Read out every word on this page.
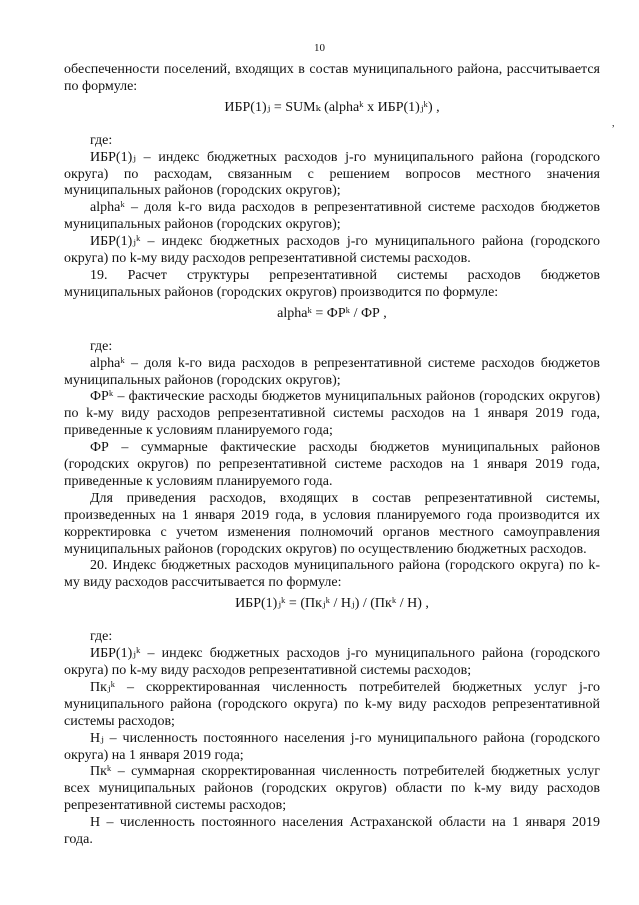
10
,

обеспеченности поселений, входящих в состав муниципального района, рассчитывается по формуле:

ИБР(1)ⱼ = SUMₖ (alphaᵏ x ИБР(1)ⱼᵏ) ,

где:

ИБР(1)ⱼ – индекс бюджетных расходов j-го муниципального района (городского округа) по расходам, связанным с решением вопросов местного значения муниципальных районов (городских округов);

alphaᵏ – доля k-го вида расходов в репрезентативной системе расходов бюджетов муниципальных районов (городских округов);

ИБР(1)ⱼᵏ – индекс бюджетных расходов j-го муниципального района (городского округа) по k-му виду расходов репрезентативной системы расходов.

19. Расчет структуры репрезентативной системы расходов бюджетов муниципальных районов (городских округов) производится по формуле:

alphaᵏ = ФРᵏ / ФР ,

где:

alphaᵏ – доля k-го вида расходов в репрезентативной системе расходов бюджетов муниципальных районов (городских округов);

ФРᵏ – фактические расходы бюджетов муниципальных районов (городских округов) по k-му виду расходов репрезентативной системы расходов на 1 января 2019 года, приведенные к условиям планируемого года;

ФР – суммарные фактические расходы бюджетов муниципальных районов (городских округов) по репрезентативной системе расходов на 1 января 2019 года, приведенные к условиям планируемого года.

Для приведения расходов, входящих в состав репрезентативной системы, произведенных на 1 января 2019 года, в условия планируемого года производится их корректировка с учетом изменения полномочий органов местного самоуправления муниципальных районов (городских округов) по осуществлению бюджетных расходов.

20. Индекс бюджетных расходов муниципального района (городского округа) по k-му виду расходов рассчитывается по формуле:

ИБР(1)ⱼᵏ = (Пкⱼᵏ / Hⱼ) / (Пкᵏ / H) ,

где:

ИБР(1)ⱼᵏ – индекс бюджетных расходов j-го муниципального района (городского округа) по k-му виду расходов репрезентативной системы расходов;

Пкⱼᵏ – скорректированная численность потребителей бюджетных услуг j-го муниципального района (городского округа) по k-му виду расходов репрезентативной системы расходов;

Hⱼ – численность постоянного населения j-го муниципального района (городского округа) на 1 января 2019 года;

Пкᵏ – суммарная скорректированная численность потребителей бюджетных услуг всех муниципальных районов (городских округов) области по k-му виду расходов репрезентативной системы расходов;

H – численность постоянного населения Астраханской области на 1 января 2019 года.
